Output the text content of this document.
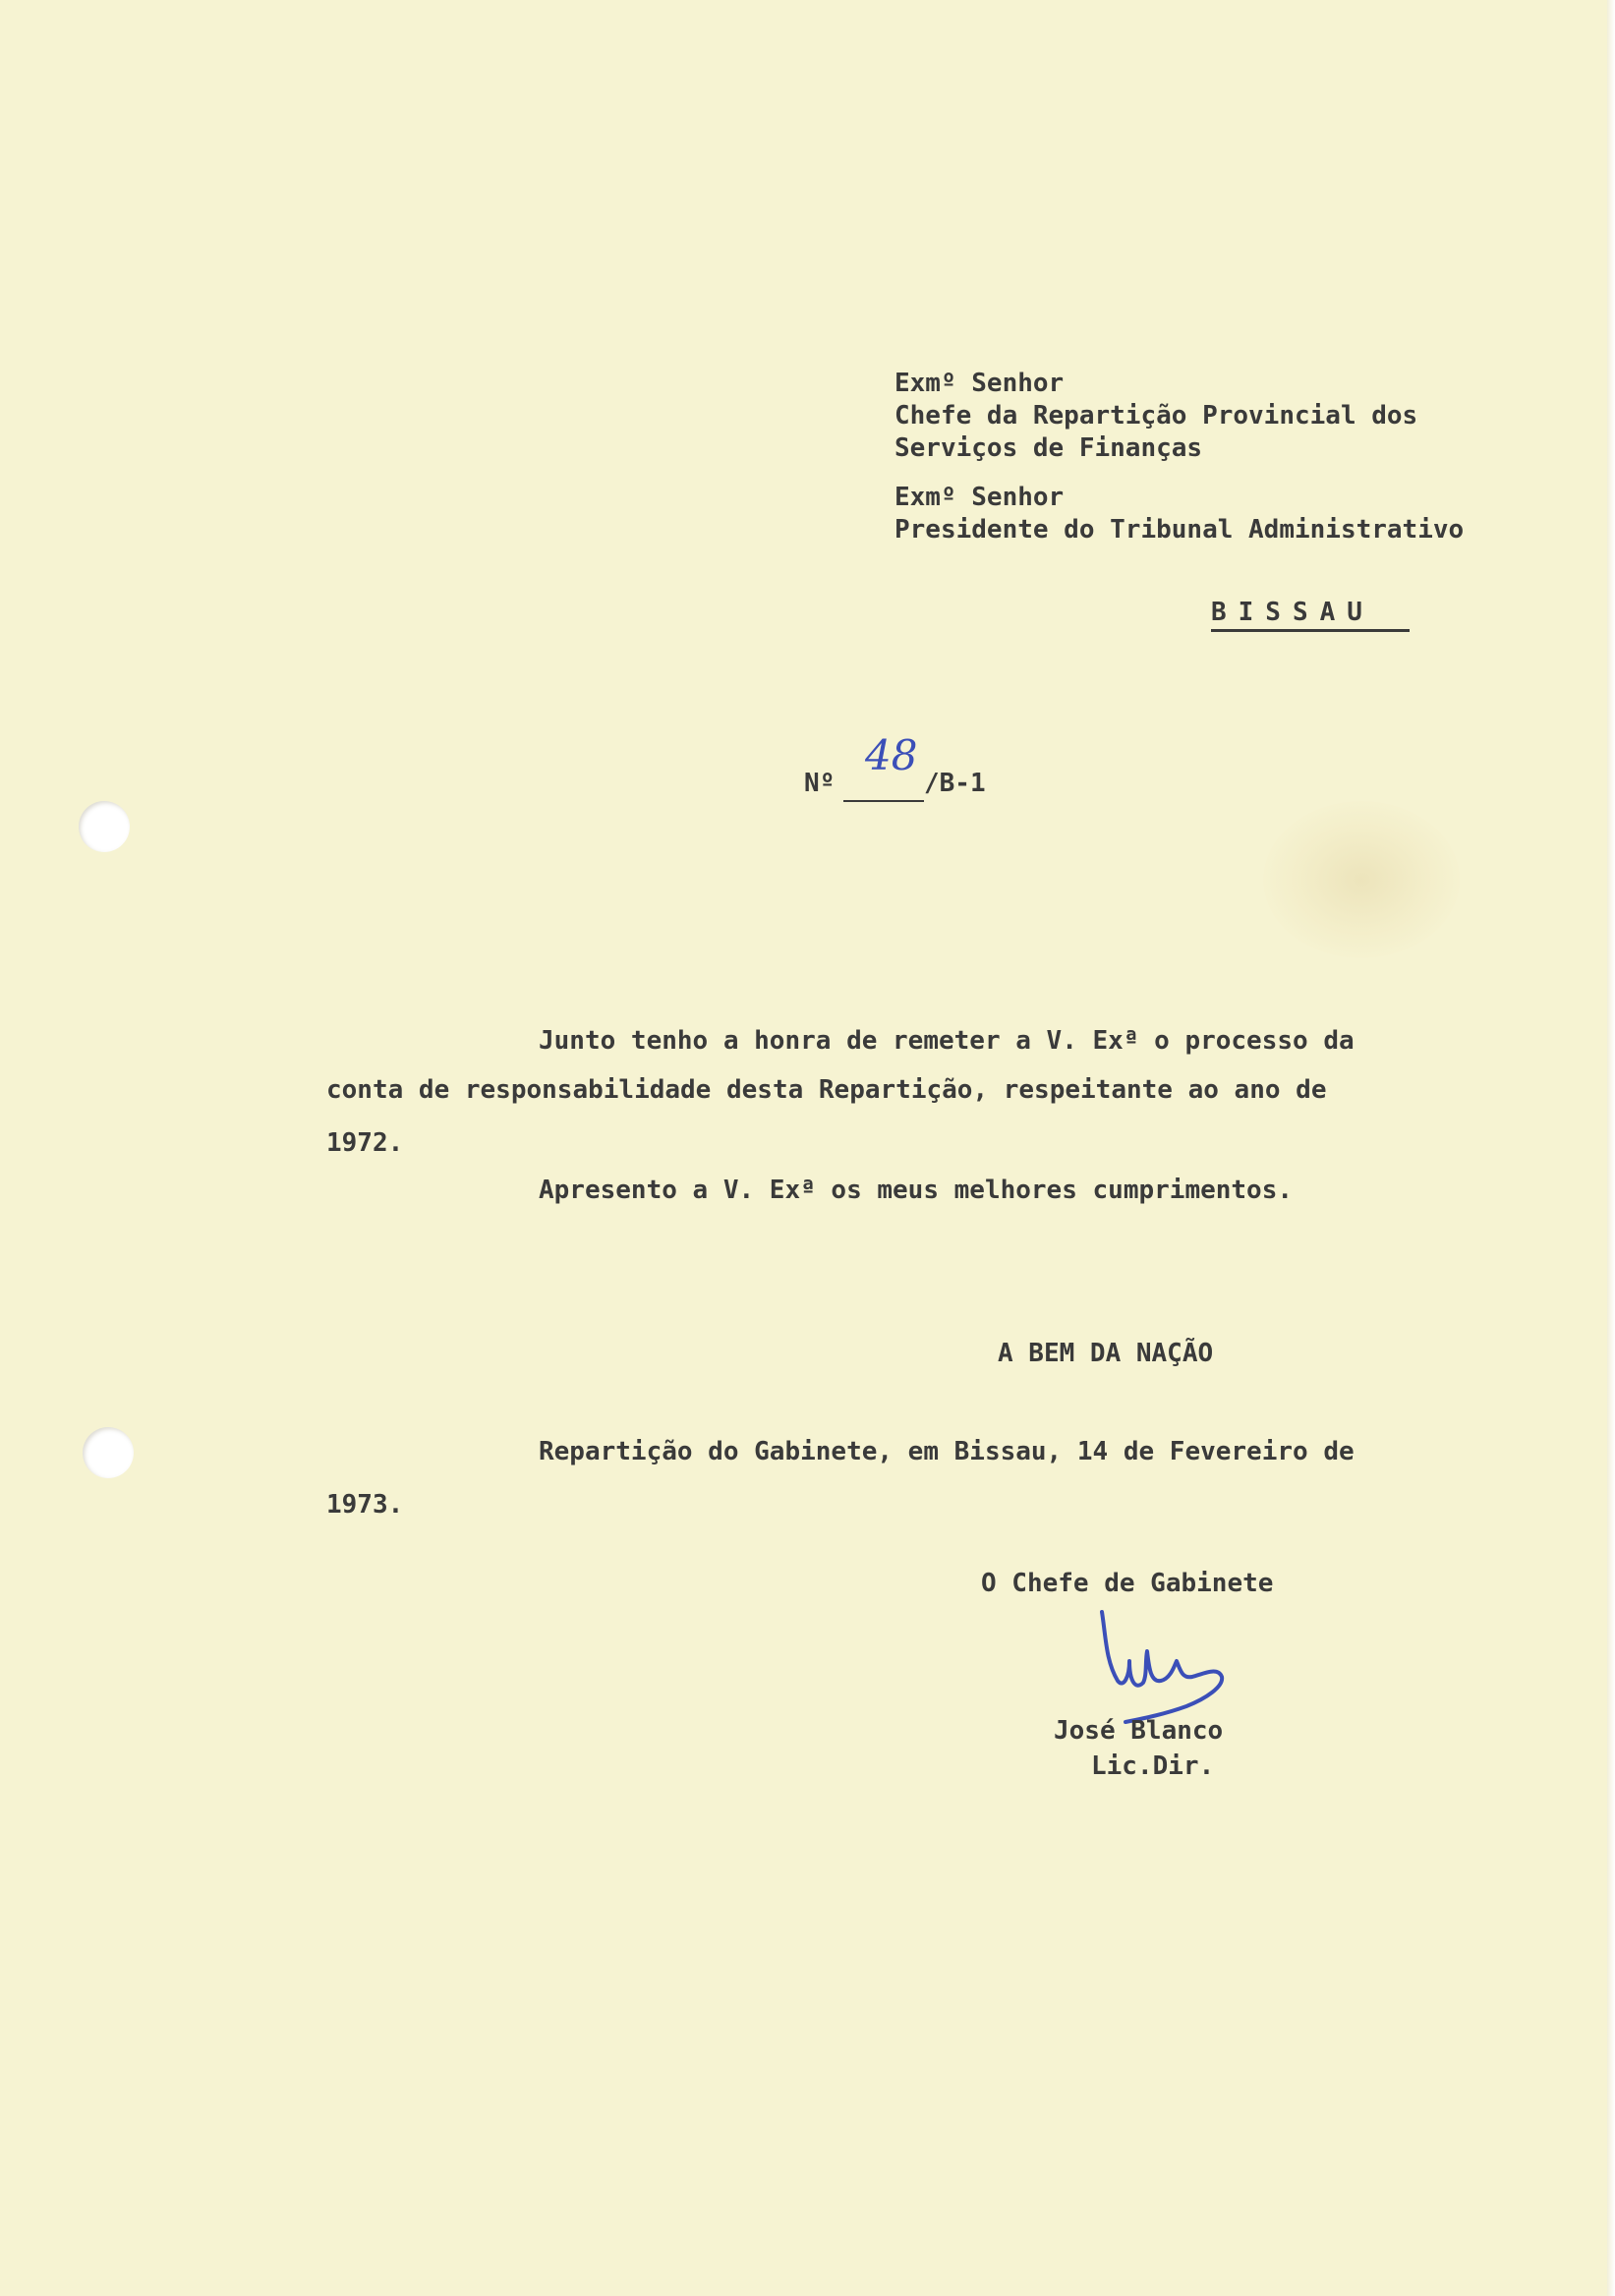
Exmº Senhor

Chefe da Repartição Provincial dos

Serviços de Finanças

Exmº Senhor

Presidente do Tribunal Administrativo

BISSAU

Nº

48

/B-1

Junto tenho a honra de remeter a V. Exª o processo da

conta de responsabilidade desta Repartição, respeitante ao ano de

1972.

Apresento a V. Exª os meus melhores cumprimentos.

A BEM DA NAÇÃO

Repartição do Gabinete, em Bissau, 14 de Fevereiro de

1973.

O Chefe de Gabinete

José Blanco

Lic.Dir.
